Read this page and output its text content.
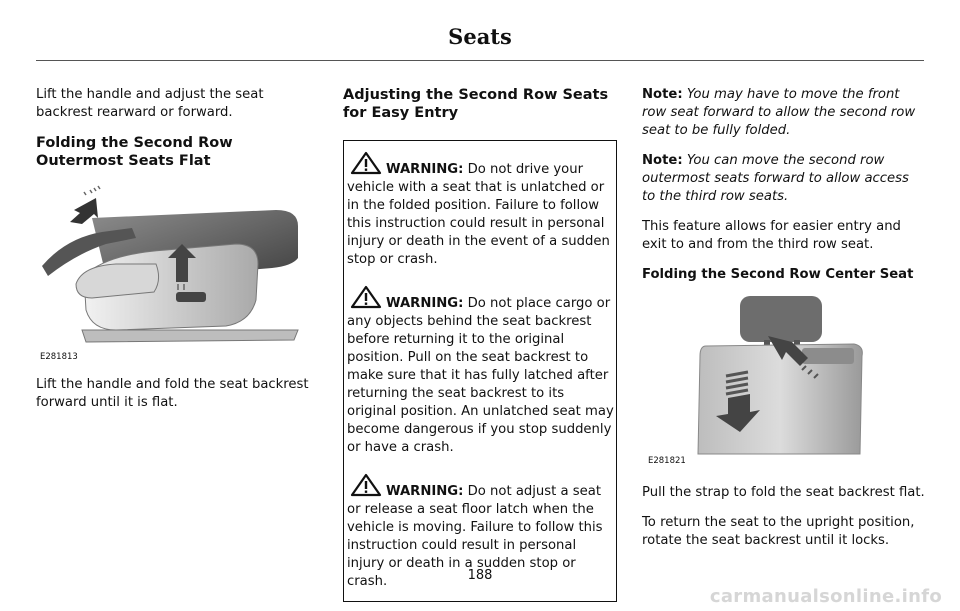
Seats

Lift the handle and adjust the seat backrest rearward or forward.

Folding the Second Row Outermost Seats Flat
E281813

Lift the handle and fold the seat backrest forward until it is flat.

Adjusting the Second Row Seats for Easy Entry

WARNING: Do not drive your vehicle with a seat that is unlatched or in the folded position. Failure to follow this instruction could result in personal injury or death in the event of a sudden stop or crash.

WARNING: Do not place cargo or any objects behind the seat backrest before returning it to the original position. Pull on the seat backrest to make sure that it has fully latched after returning the seat backrest to its original position. An unlatched seat may become dangerous if you stop suddenly or have a crash.

WARNING: Do not adjust a seat or release a seat floor latch when the vehicle is moving. Failure to follow this instruction could result in personal injury or death in a sudden stop or crash.

Note: You may have to move the front row seat forward to allow the second row seat to be fully folded.

Note: You can move the second row outermost seats forward to allow access to the third row seats.

This feature allows for easier entry and exit to and from the third row seat.

Folding the Second Row Center Seat
E281821

Pull the strap to fold the seat backrest flat.

To return the seat to the upright position, rotate the seat backrest until it locks.

188
carmanualsonline.info
